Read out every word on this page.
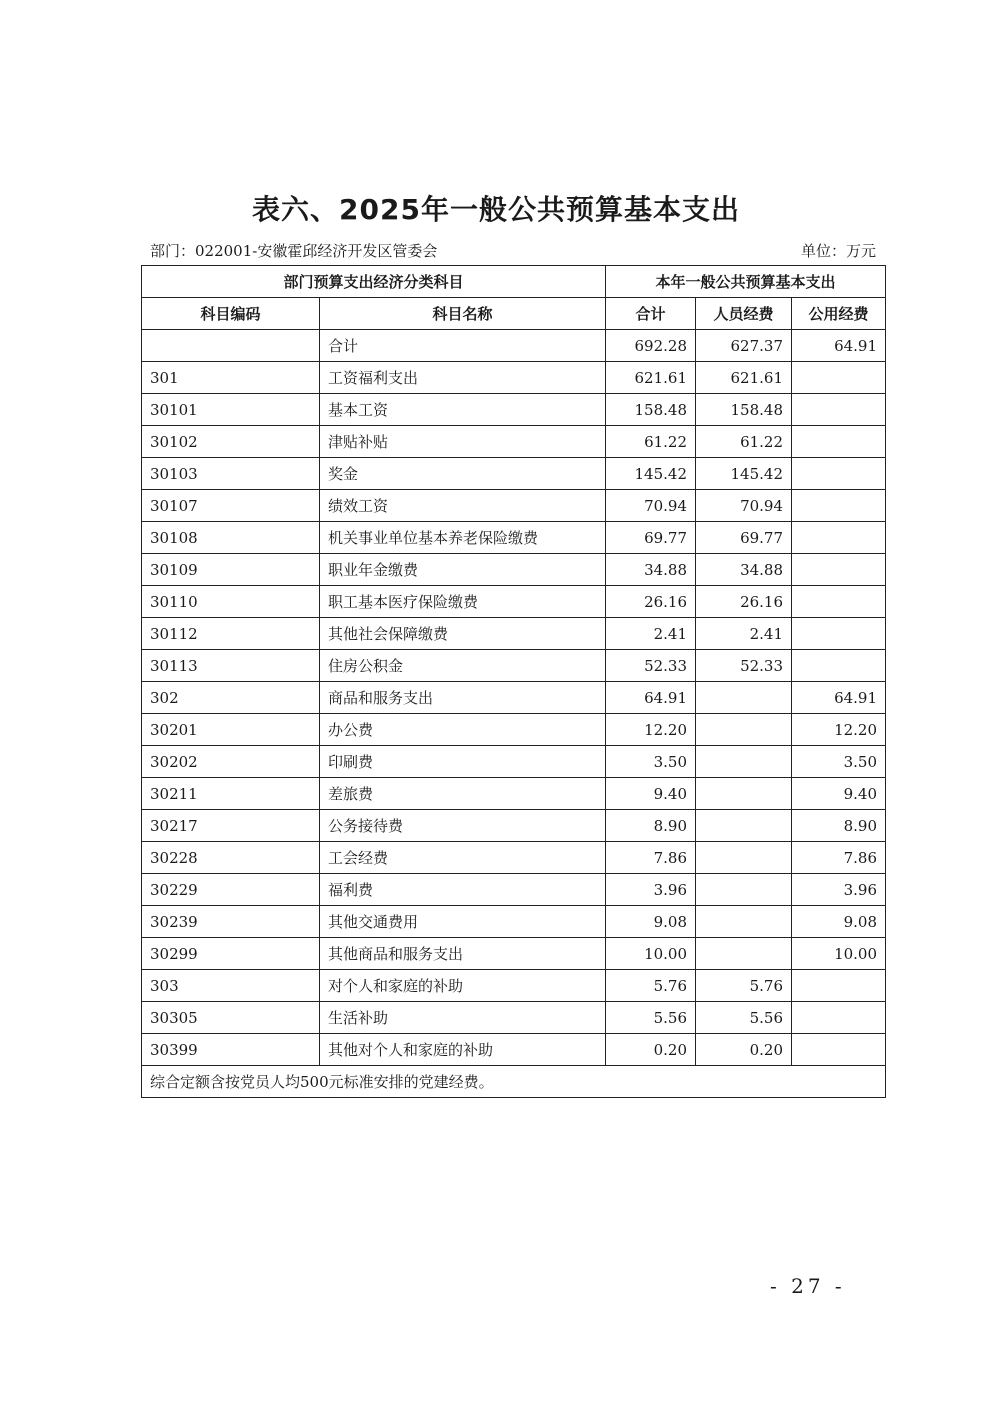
表六、2025年一般公共预算基本支出
部门：022001-安徽霍邱经济开发区管委会	单位：万元
部门预算支出经济分类科目		本年一般公共预算基本支出		
科目编码	科目名称	合计	人员经费	公用经费
	合计	692.28	627.37	64.91
301	工资福利支出	621.61	621.61	
30101	基本工资	158.48	158.48	
30102	津贴补贴	61.22	61.22	
30103	奖金	145.42	145.42	
30107	绩效工资	70.94	70.94	
30108	机关事业单位基本养老保险缴费	69.77	69.77	
30109	职业年金缴费	34.88	34.88	
30110	职工基本医疗保险缴费	26.16	26.16	
30112	其他社会保障缴费	2.41	2.41	
30113	住房公积金	52.33	52.33	
302	商品和服务支出	64.91		64.91
30201	办公费	12.20		12.20
30202	印刷费	3.50		3.50
30211	差旅费	9.40		9.40
30217	公务接待费	8.90		8.90
30228	工会经费	7.86		7.86
30229	福利费	3.96		3.96
30239	其他交通费用	9.08		9.08
30299	其他商品和服务支出	10.00		10.00
303	对个人和家庭的补助	5.76	5.76	
30305	生活补助	5.56	5.56	
30399	其他对个人和家庭的补助	0.20	0.20	
综合定额含按党员人均500元标准安排的党建经费。				
- 27 -
